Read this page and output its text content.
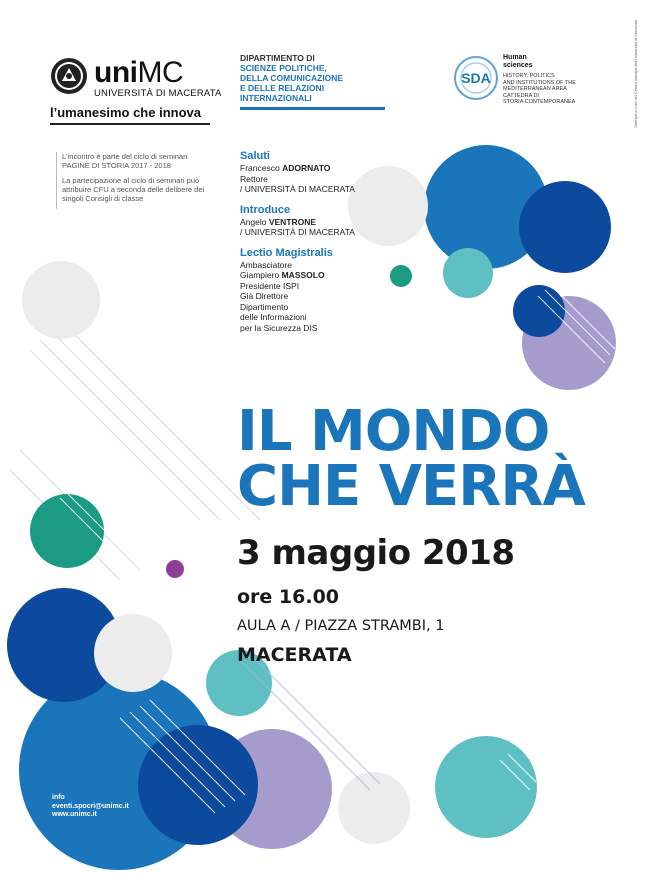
uniMC
UNIVERSITÀ DI MACERATA
l’umanesimo che innova
DIPARTIMENTO DI
SCIENZE POLITICHE,
DELLA COMUNICAZIONE
E DELLE RELAZIONI INTERNAZIONALI
SDA
Human
sciences
HISTORY, POLITICS
AND INSTITUTIONS OF THE
MEDITERRANEAN AREA
CATTEDRA DI
STORIA CONTEMPORANEA	Stampa a cura del Centro stampa dell'Università di Macerata

L'incontro è parte del ciclo di seminari PAGINE DI STORIA 2017 - 2018

La partecipazione al ciclo di seminari può attribuire CFU a seconda delle delibere dei singoli Consigli di classe

Saluti
Francesco ADORNATO
Rettore
/ UNIVERSITÀ DI MACERATA
Introduce
Angelo VENTRONE
/ UNIVERSITÀ DI MACERATA
Lectio Magistralis
Ambasciatore
Giampiero MASSOLO
Presidente ISPI
Già Direttore
Dipartimento
delle Informazioni
per la Sicurezza DIS
IL MONDO
CHE VERRÀ
3 maggio 2018
ore 16.00
AULA A / PIAZZA STRAMBI, 1
MACERATA
info
eventi.spocri@unimc.it
www.unimc.it
